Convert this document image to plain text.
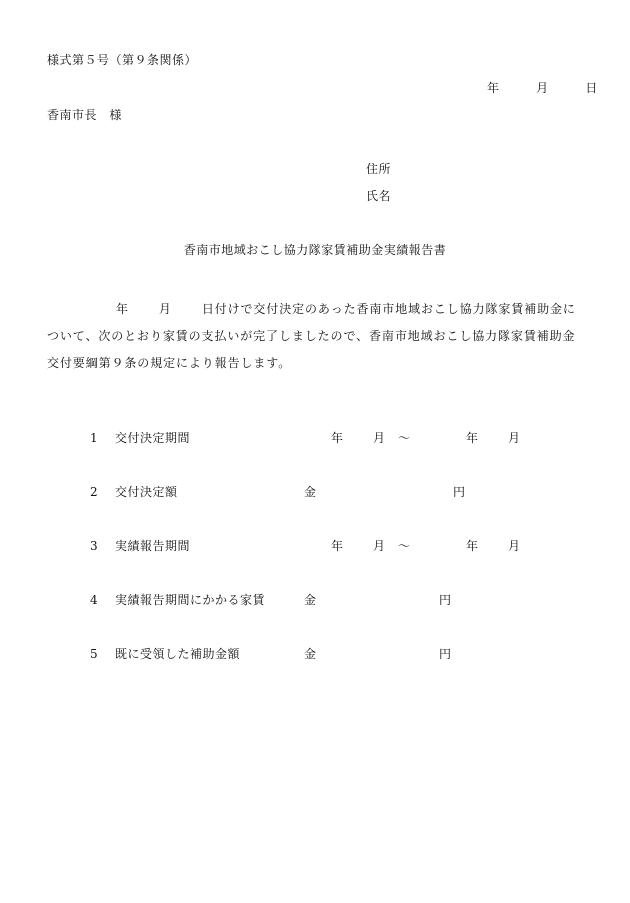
様式第５号（第９条関係）
年	月	日
香南市長　様
住所
氏名
香南市地域おこし協力隊家賃補助金実績報告書
年	月	日付けで交付決定のあった香南市地域おこし協力隊家賃補助金について、次のとおり家賃の支払いが完了しましたので、香南市地域おこし協力隊家賃補助金交付要綱第９条の規定により報告します。
1 交付決定期間	年 月 ～	年 月
2 交付決定額	金	円
3 実績報告期間	年 月 ～	年 月
4 実績報告期間にかかる家賃	金	円
5 既に受領した補助金額	金	円
